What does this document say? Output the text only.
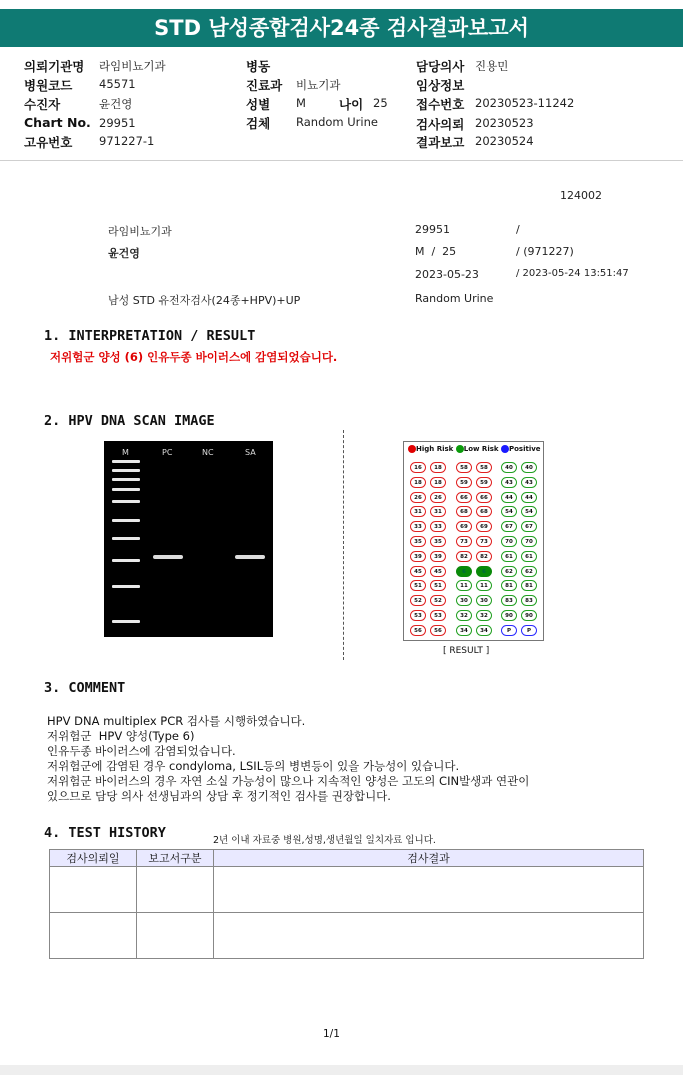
STD 남성종합검사24종 검사결과보고서
의뢰기관명 라임비뇨기과
병원코드 45571
수진자	윤건영
Chart No. 29951
고유번호 971227-1
병동
진료과 비뇨기과
성별 M
검체 Random Urine
담당의사 진용민
임상정보
접수번호 20230523-11242
검사의뢰 20230523
결과보고 20230524
나이 25
124002
라임비뇨기과
윤건영
남성 STD 유전자검사(24종+HPV)+UP
29951	/
M  /  25	/ (971227)
2023-05-23	/ 2023-05-24 13:51:47
Random Urine
1. INTERPRETATION / RESULT
저위험군 양성 (6) 인유두종 바이러스에 감염되었습니다.
2. HPV DNA SCAN IMAGE
M	PC	NC	SA	High Risk Low Risk Positive
16	18	58	58	40	40
18	18	59	59	43	43
26	26	66	66	44	44
31	31	68	68	54	54
33	33	69	69	67	67
35	35	73	73	70	70
39	39	82	82	61	61
45	45	6	6	62	62
51	51	11	11	81	81
52	52	30	30	83	83
53	53	32	32	90	90
56	56	34	34	P	P
[ RESULT ]
3. COMMENT
HPV DNA multiplex PCR 검사를 시행하였습니다.
저위험군  HPV 양성(Type 6)
인유두종 바이러스에 감염되었습니다.
저위험군에 감염된 경우 condyloma, LSIL등의 병변등이 있을 가능성이 있습니다.
저위험군 바이러스의 경우 자연 소실 가능성이 많으나 지속적인 양성은 고도의 CIN발생과 연관이
있으므로 담당 의사 선생님과의 상담 후 정기적인 검사를 권장합니다.
4. TEST HISTORY	2년 이내 자료중 병원,성명,생년월일 일치자료 입니다.
검사의뢰일	보고서구분	검사결과

1/1
